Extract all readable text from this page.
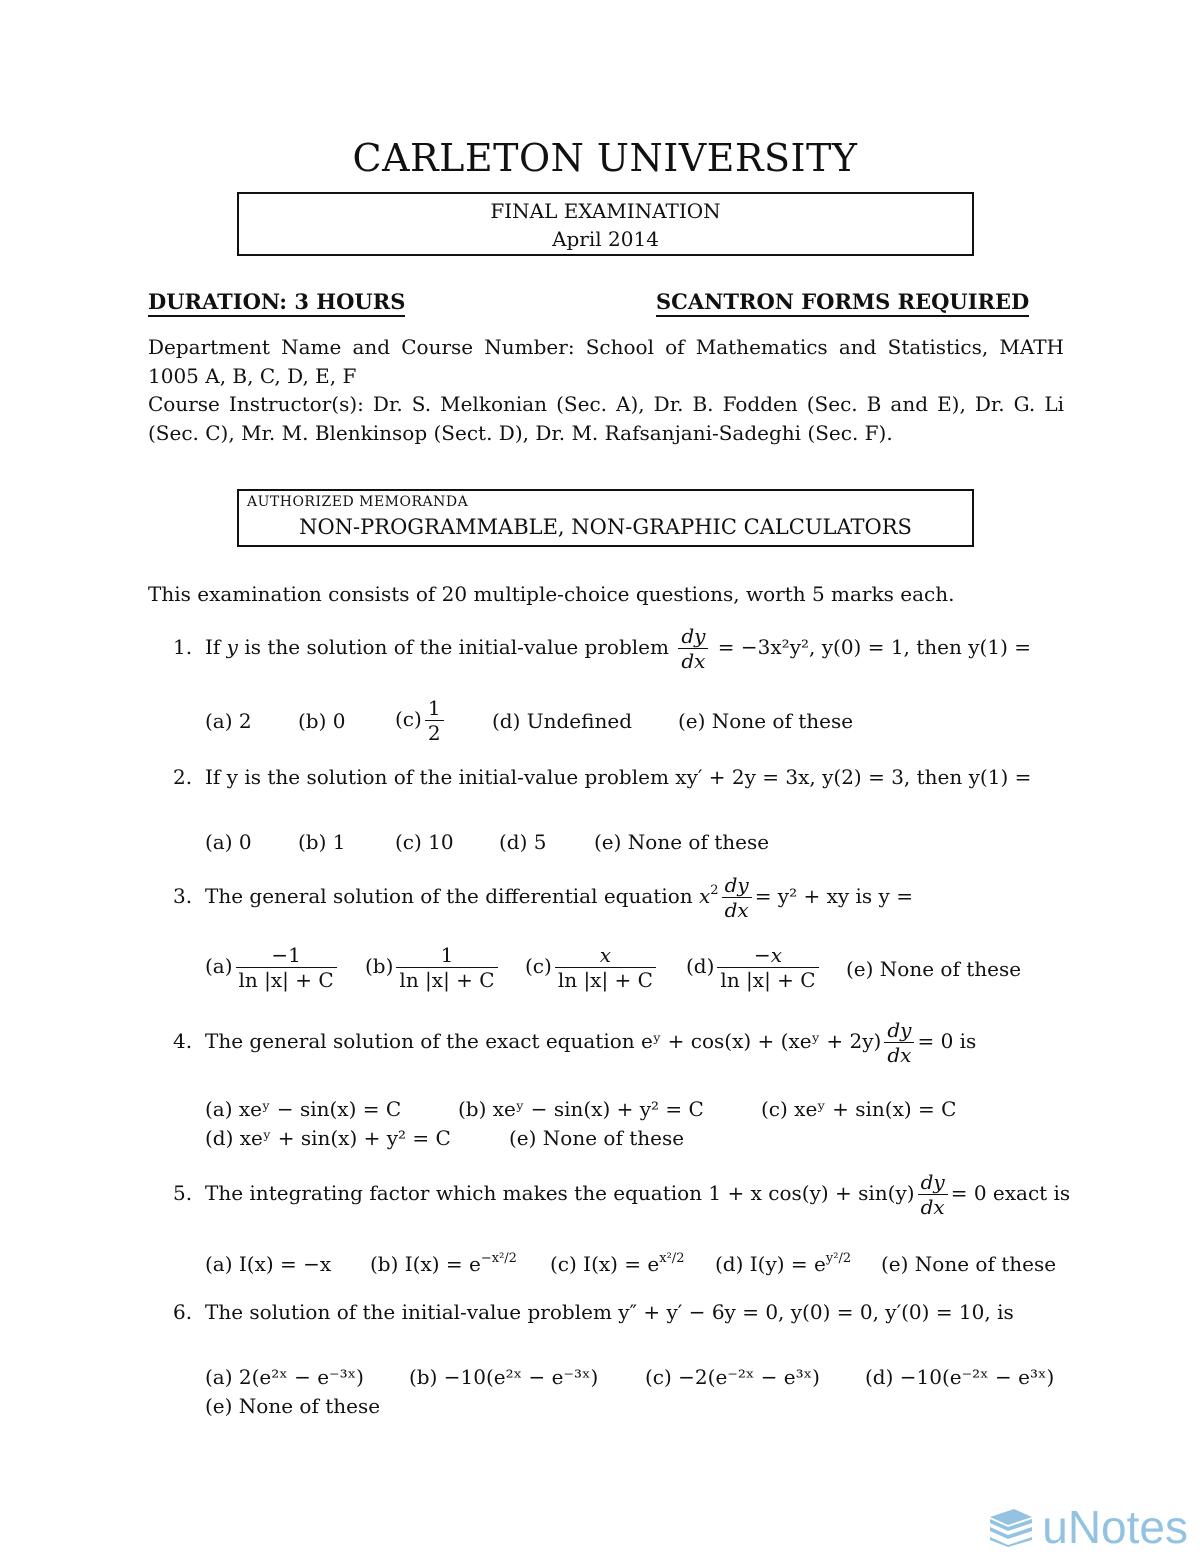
CARLETON UNIVERSITY
FINAL EXAMINATION
April 2014
DURATION: 3 HOURS	SCANTRON FORMS REQUIRED
Department Name and Course Number: School of Mathematics and Statistics, MATH 1005 A, B, C, D, E, F
Course Instructor(s): Dr. S. Melkonian (Sec. A), Dr. B. Fodden (Sec. B and E), Dr. G. Li (Sec. C), Mr. M. Blenkinsop (Sect. D), Dr. M. Rafsanjani-Sadeghi (Sec. F).
AUTHORIZED MEMORANDA
NON-PROGRAMMABLE, NON-GRAPHIC CALCULATORS
This examination consists of 20 multiple-choice questions, worth 5 marks each.
1. If y is the solution of the initial-value problem $\frac{dy}{dx} = -3x^2y^2$, y(0) = 1, then y(1) =
(a) 2 (b) 0 $(c) \frac{1}{2} (d)$ Undefined (e) None of these
2. If y is the solution of the initial-value problem xy′ + 2y = 3x, y(2) = 3, then y(1) =
(a) 0 (b) 1 (c) 10 (d) 5 (e) None of these
3. The general solution of the differential equation $x^2 \frac{dy}{dx} = y^2$ + xy is y =
$(a) \frac{-1}{\ln |x| + C} (b) \frac{1}{\ln |x| + C} (c) \frac{x}{\ln |x| + C} (d) \frac{-x}{\ln |x| + C} (e)$ None of these
4. The general solution of the exact equation eʸ + cos(x) + (xeʸ + $2y) \frac{dy}{dx} = 0$ is
(a) xeʸ − sin(x) = C	(b) xeʸ − sin(x) + y² = C	(c) xeʸ + sin(x) = C
(d) xeʸ + sin(x) + y² = C	(e) None of these
5. The integrating factor which makes the equation 1 + x $\cos(y) + \sin(y) \frac{dy}{dx} = 0$ exact is
(a) I(x) = −x (b) $I(x) = e^{-x^2/2}$ (c) $I(x) = e^{x^2/2}$ (d) $I(y) = e^{y^2/2}$ (e) None of these
6. The solution of the initial-value problem y″ + y′ − 6y = 0, y(0) = 0, y′(0) = 10, is
(a) 2(e²ˣ − e⁻³ˣ) (b) −10(e²ˣ − e⁻³ˣ) (c) −2(e⁻²ˣ − e³ˣ) (d) −10(e⁻²ˣ − e³ˣ)
(e) None of these
uNotes
